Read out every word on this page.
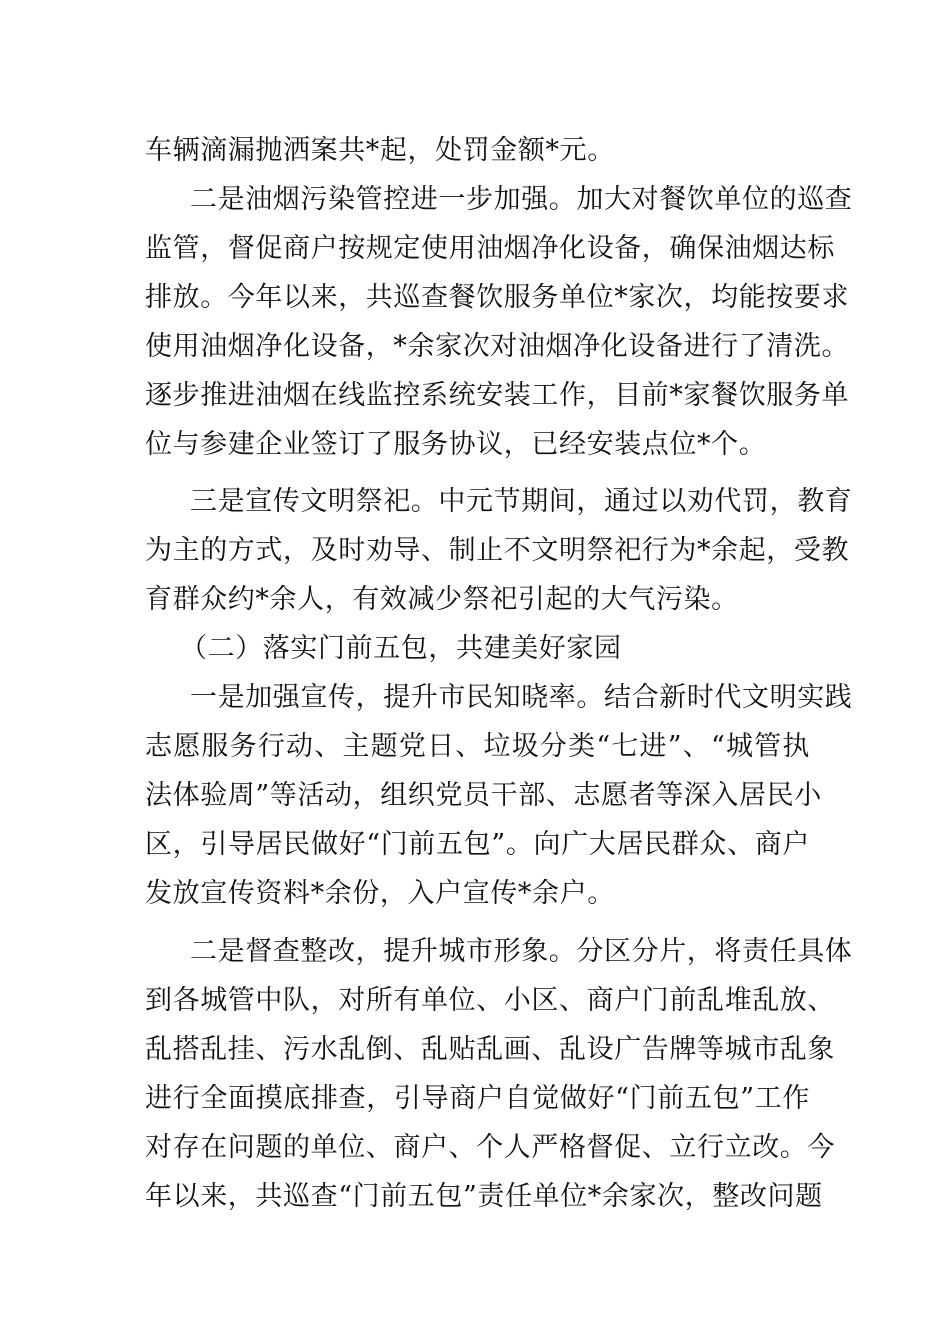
车辆滴漏抛洒案共*起，处罚金额*元。
二是油烟污染管控进一步加强。加大对餐饮单位的巡查
监管，督促商户按规定使用油烟净化设备，确保油烟达标
排放。今年以来，共巡查餐饮服务单位*家次，均能按要求
使用油烟净化设备，*余家次对油烟净化设备进行了清洗。
逐步推进油烟在线监控系统安装工作，目前*家餐饮服务单
位与参建企业签订了服务协议，已经安装点位*个。
三是宣传文明祭祀。中元节期间，通过以劝代罚，教育
为主的方式，及时劝导、制止不文明祭祀行为*余起，受教
育群众约*余人，有效减少祭祀引起的大气污染。
（二）落实门前五包，共建美好家园
一是加强宣传，提升市民知晓率。结合新时代文明实践
志愿服务行动、主题党日、垃圾分类“七进”、“城管执
法体验周”等活动，组织党员干部、志愿者等深入居民小
区，引导居民做好“门前五包”。向广大居民群众、商户
发放宣传资料*余份，入户宣传*余户。
二是督查整改，提升城市形象。分区分片，将责任具体
到各城管中队，对所有单位、小区、商户门前乱堆乱放、
乱搭乱挂、污水乱倒、乱贴乱画、乱设广告牌等城市乱象
进行全面摸底排查，引导商户自觉做好“门前五包”工作
对存在问题的单位、商户、个人严格督促、立行立改。今
年以来，共巡查“门前五包”责任单位*余家次，整改问题
